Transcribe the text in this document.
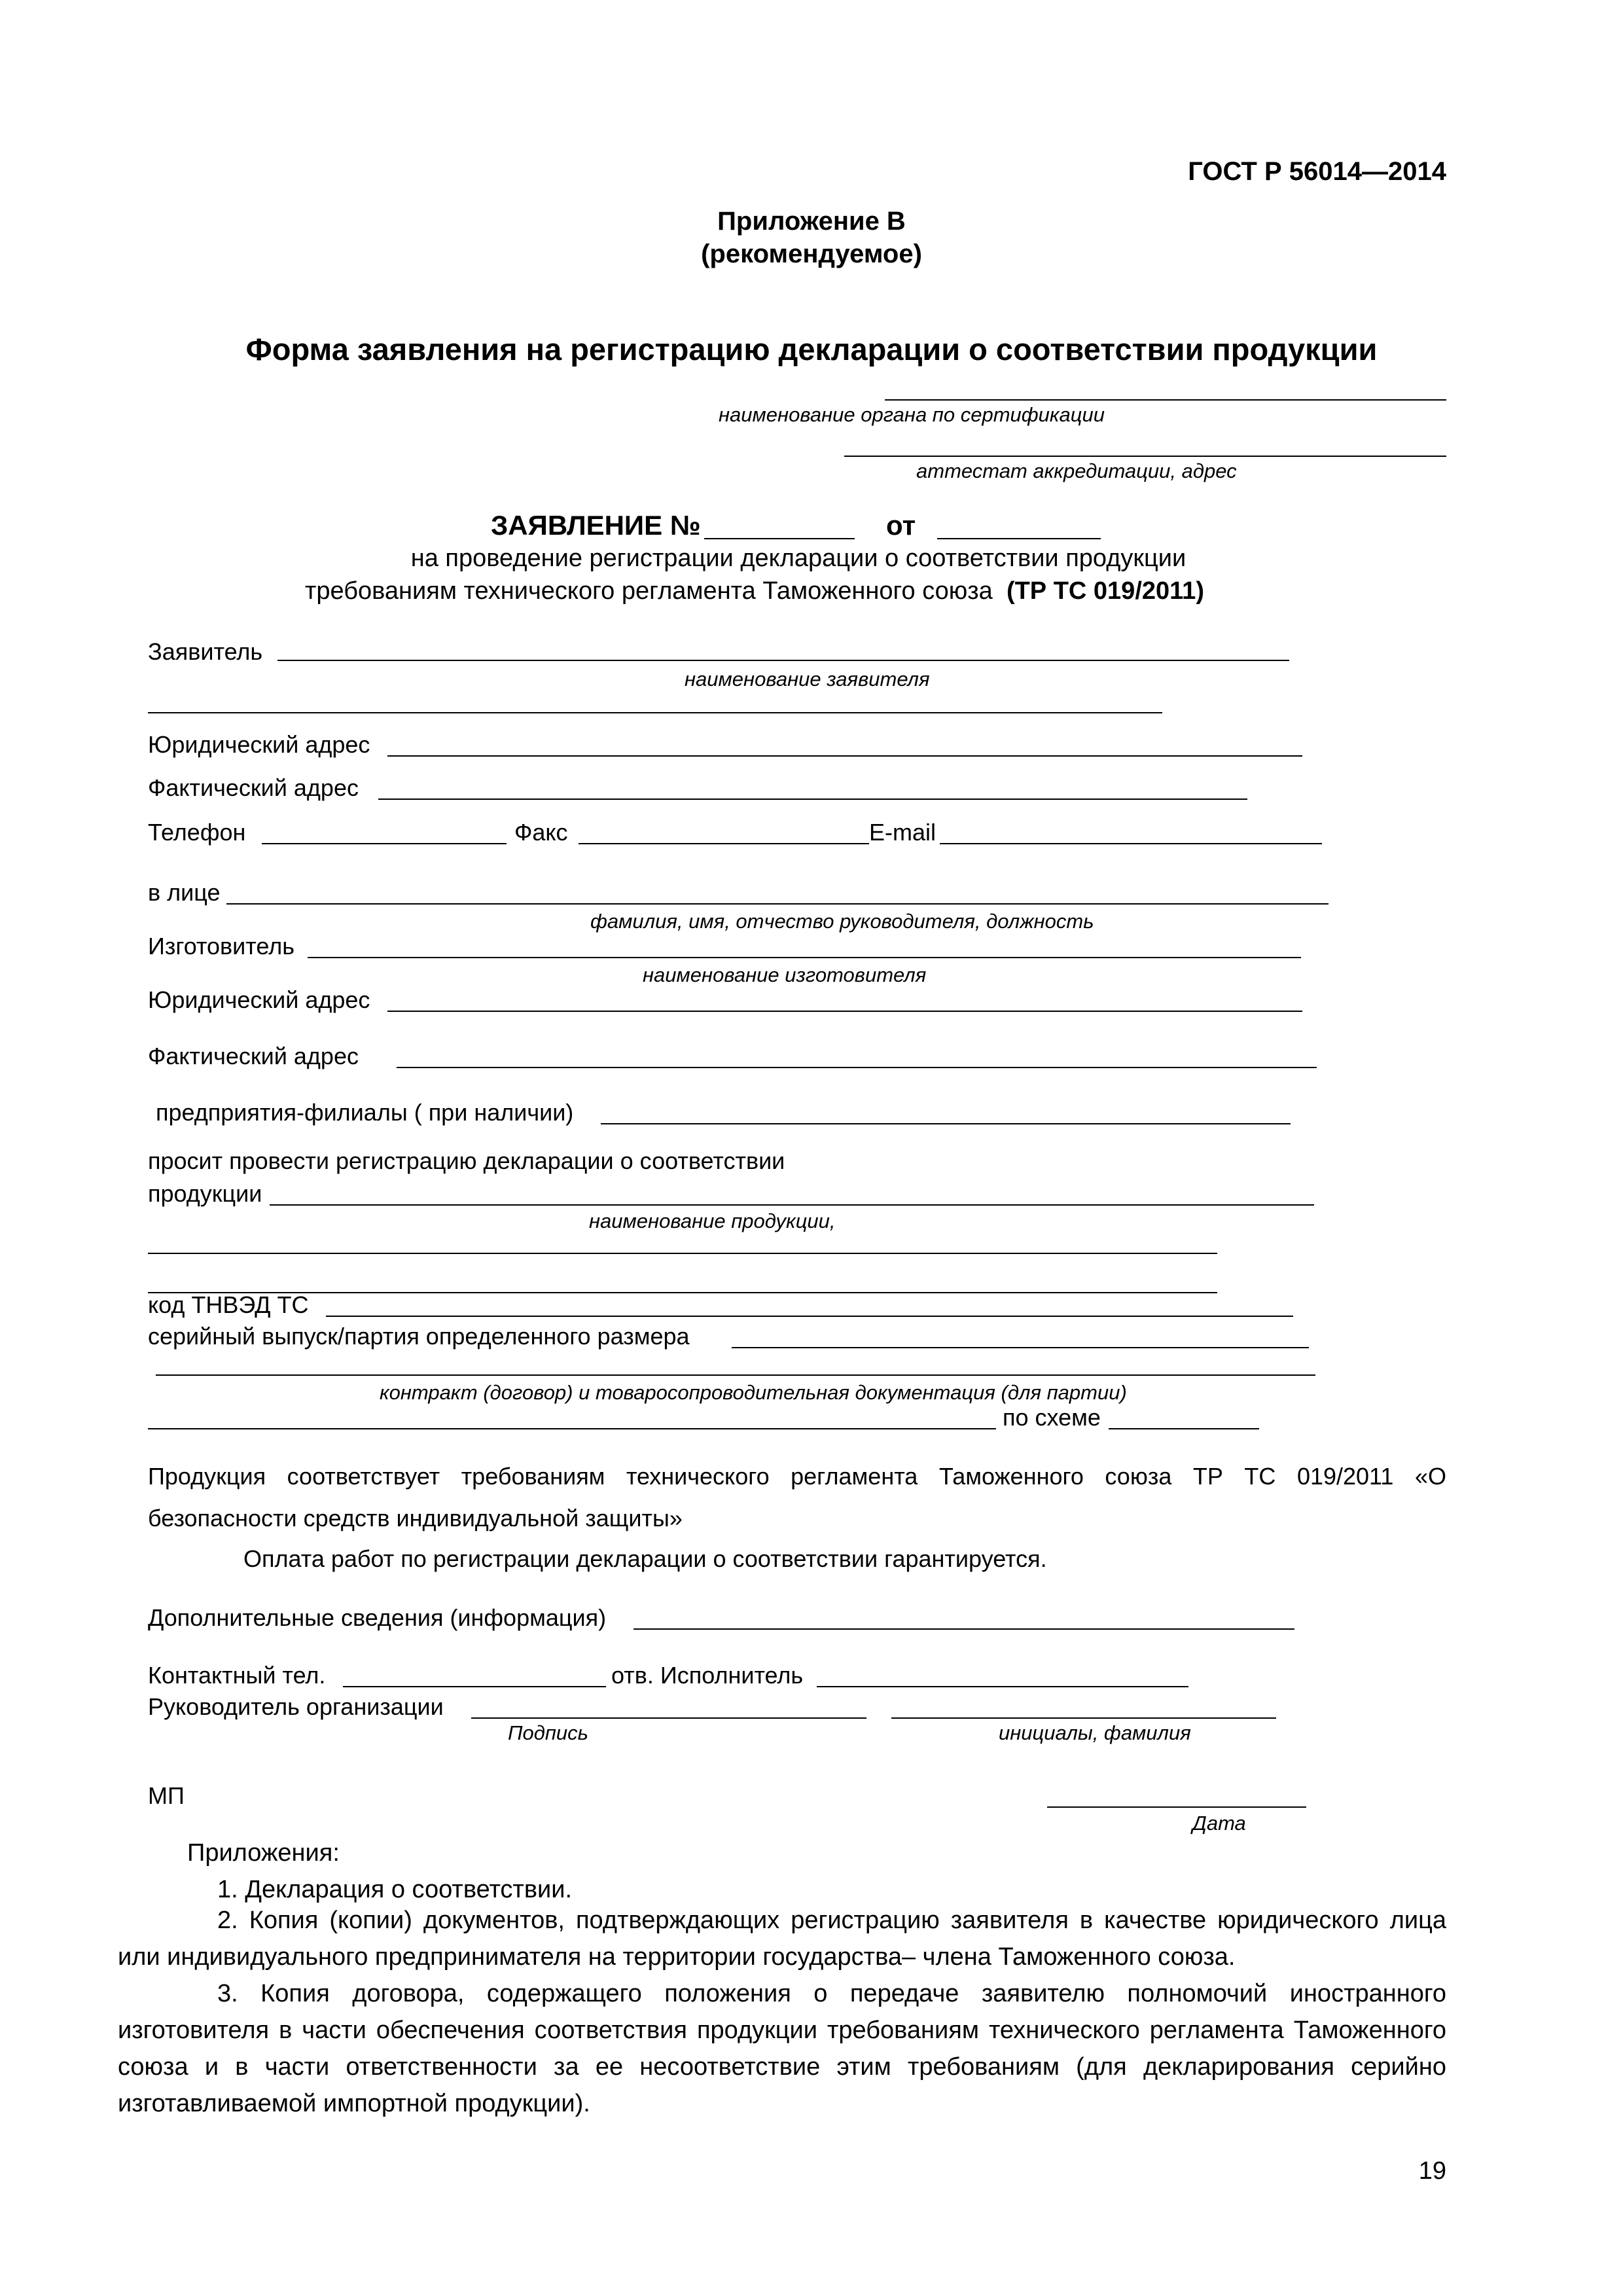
ГОСТ Р 56014—2014
Приложение В
(рекомендуемое)
Форма заявления на регистрацию декларации о соответствии продукции
наименование органа по сертификации
аттестат аккредитации, адрес
ЗАЯВЛЕНИЕ №	от
на проведение регистрации декларации о соответствии продукции
требованиям технического регламента Таможенного союза (ТР ТС 019/2011)
Заявитель
наименование заявителя
Юридический адрес
Фактический адрес
Телефон	Факс	E-mail
в лице
фамилия, имя, отчество руководителя, должность
Изготовитель
наименование изготовителя
Юридический адрес
Фактический адрес
предприятия-филиалы ( при наличии)
просит провести регистрацию декларации о соответствии
продукции
наименование продукции,
код ТНВЭД ТС
серийный выпуск/партия определенного размера
контракт (договор) и товаросопроводительная документация (для партии)
по схеме
Продукция соответствует требованиям технического регламента Таможенного союза ТР ТС 019/2011 «О
безопасности средств индивидуальной защиты»
Оплата работ по регистрации декларации о соответствии гарантируется.
Дополнительные сведения (информация)
Контактный тел.	отв. Исполнитель
Руководитель организации
Подпись	инициалы, фамилия
МП
Дата
Приложения:
1. Декларация о соответствии.
2. Копия (копии) документов, подтверждающих регистрацию заявителя в качестве юридического лица или индивидуального предпринимателя на территории государства– члена Таможенного союза.
3. Копия договора, содержащего положения о передаче заявителю полномочий иностранного изготовителя в части обеспечения соответствия продукции требованиям технического регламента Таможенного союза и в части ответственности за ее несоответствие этим требованиям (для декларирования серийно изготавливаемой импортной продукции).
19
